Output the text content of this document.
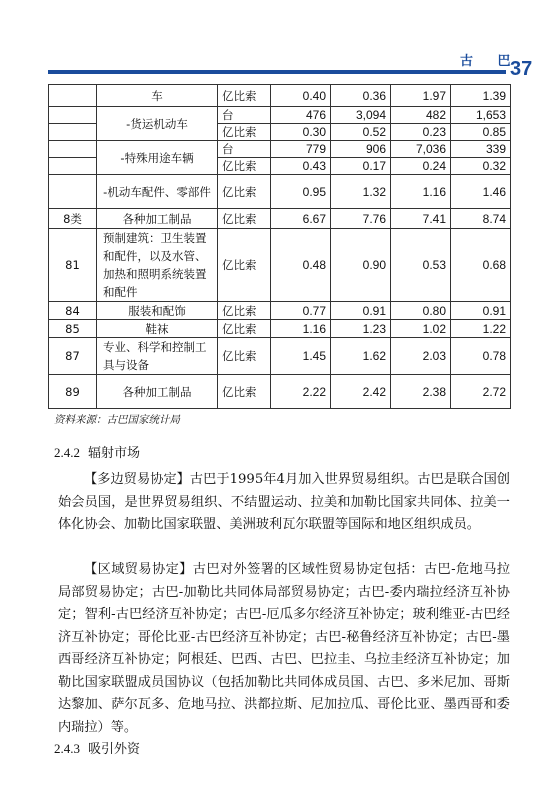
古 巴
37
	车	亿比索	0.40	0.36	1.97	1.39
	-货运机动车	台	476	3,094	482	1,653
		亿比索	0.30	0.52	0.23	0.85
	-特殊用途车辆	台	779	906	7,036	339
		亿比索	0.43	0.17	0.24	0.32
	-机动车配件、零部件	亿比索	0.95	1.32	1.16	1.46
8类	各种加工制品	亿比索	6.67	7.76	7.41	8.74
81	预制建筑：卫生装置和配件，以及水管、加热和照明系统装置和配件	亿比索	0.48	0.90	0.53	0.68
84	服装和配饰	亿比索	0.77	0.91	0.80	0.91
85	鞋袜	亿比索	1.16	1.23	1.02	1.22
87	专业、科学和控制工具与设备	亿比索	1.45	1.62	2.03	0.78
89	各种加工制品	亿比索	2.22	2.42	2.38	2.72
资料来源：古巴国家统计局
2.4.2 辐射市场

【多边贸易协定】古巴于1995年4月加入世界贸易组织。古巴是联合国创始会员国，是世界贸易组织、不结盟运动、拉美和加勒比国家共同体、拉美一体化协会、加勒比国家联盟、美洲玻利瓦尔联盟等国际和地区组织成员。

【区域贸易协定】古巴对外签署的区域性贸易协定包括：古巴-危地马拉局部贸易协定；古巴-加勒比共同体局部贸易协定；古巴-委内瑞拉经济互补协定；智利-古巴经济互补协定；古巴-厄瓜多尔经济互补协定；玻利维亚-古巴经济互补协定；哥伦比亚-古巴经济互补协定；古巴-秘鲁经济互补协定；古巴-墨西哥经济互补协定；阿根廷、巴西、古巴、巴拉圭、乌拉圭经济互补协定；加勒比国家联盟成员国协议（包括加勒比共同体成员国、古巴、多米尼加、哥斯达黎加、萨尔瓦多、危地马拉、洪都拉斯、尼加拉瓜、哥伦比亚、墨西哥和委内瑞拉）等。

2.4.3 吸引外资
